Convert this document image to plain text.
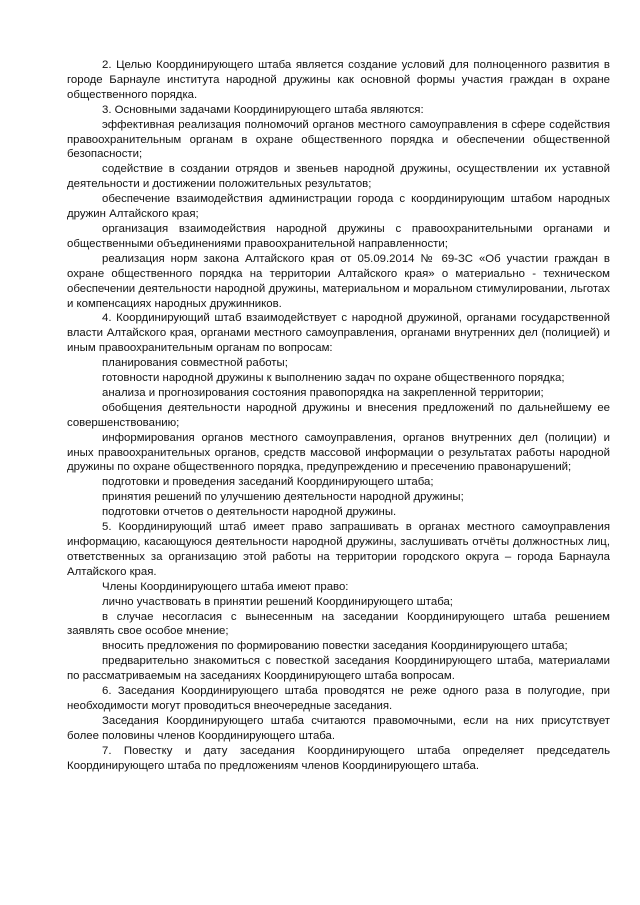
2. Целью Координирующего штаба является создание условий для полноценного развития в городе Барнауле института народной дружины как основной формы участия граждан в охране общественного порядка.

3. Основными задачами Координирующего штаба являются:

эффективная реализация полномочий органов местного самоуправления в сфере содействия правоохранительным органам в охране общественного порядка и обеспечении общественной безопасности;

содействие в создании отрядов и звеньев народной дружины, осуществлении их уставной деятельности и достижении положительных результатов;

обеспечение взаимодействия администрации города с координирующим штабом народных дружин Алтайского края;

организация взаимодействия народной дружины с правоохранительными органами и общественными объединениями правоохранительной направленности;

реализация норм закона Алтайского края от 05.09.2014 № 69-ЗС «Об участии граждан в охране общественного порядка на территории Алтайского края» о материально - техническом обеспечении деятельности народной дружины, материальном и моральном стимулировании, льготах и компенсациях народных дружинников.

4. Координирующий штаб взаимодействует с народной дружиной, органами государственной власти Алтайского края, органами местного самоуправления, органами внутренних дел (полицией) и иным правоохранительным органам по вопросам:

планирования совместной работы;

готовности народной дружины к выполнению задач по охране общественного порядка;

анализа и прогнозирования состояния правопорядка на закрепленной территории;

обобщения деятельности народной дружины и внесения предложений по дальнейшему ее совершенствованию;

информирования органов местного самоуправления, органов внутренних дел (полиции) и иных правоохранительных органов, средств массовой информации о результатах работы народной дружины по охране общественного порядка, предупреждению и пресечению правонарушений;

подготовки и проведения заседаний Координирующего штаба;

принятия решений по улучшению деятельности народной дружины;

подготовки отчетов о деятельности народной дружины.

5. Координирующий штаб имеет право запрашивать в органах местного самоуправления информацию, касающуюся деятельности народной дружины, заслушивать отчёты должностных лиц, ответственных за организацию этой работы на территории городского округа – города Барнаула Алтайского края.

Члены Координирующего штаба имеют право:

лично участвовать в принятии решений Координирующего штаба;

в случае несогласия с вынесенным на заседании Координирующего штаба решением заявлять свое особое мнение;

вносить предложения по формированию повестки заседания Координирующего штаба;

предварительно знакомиться с повесткой заседания Координирующего штаба, материалами по рассматриваемым на заседаниях Координирующего штаба вопросам.

6. Заседания Координирующего штаба проводятся не реже одного раза в полугодие, при необходимости могут проводиться внеочередные заседания.

Заседания Координирующего штаба считаются правомочными, если на них присутствует более половины членов Координирующего штаба.

7. Повестку и дату заседания Координирующего штаба определяет председатель Координирующего штаба по предложениям членов Координирующего штаба.
